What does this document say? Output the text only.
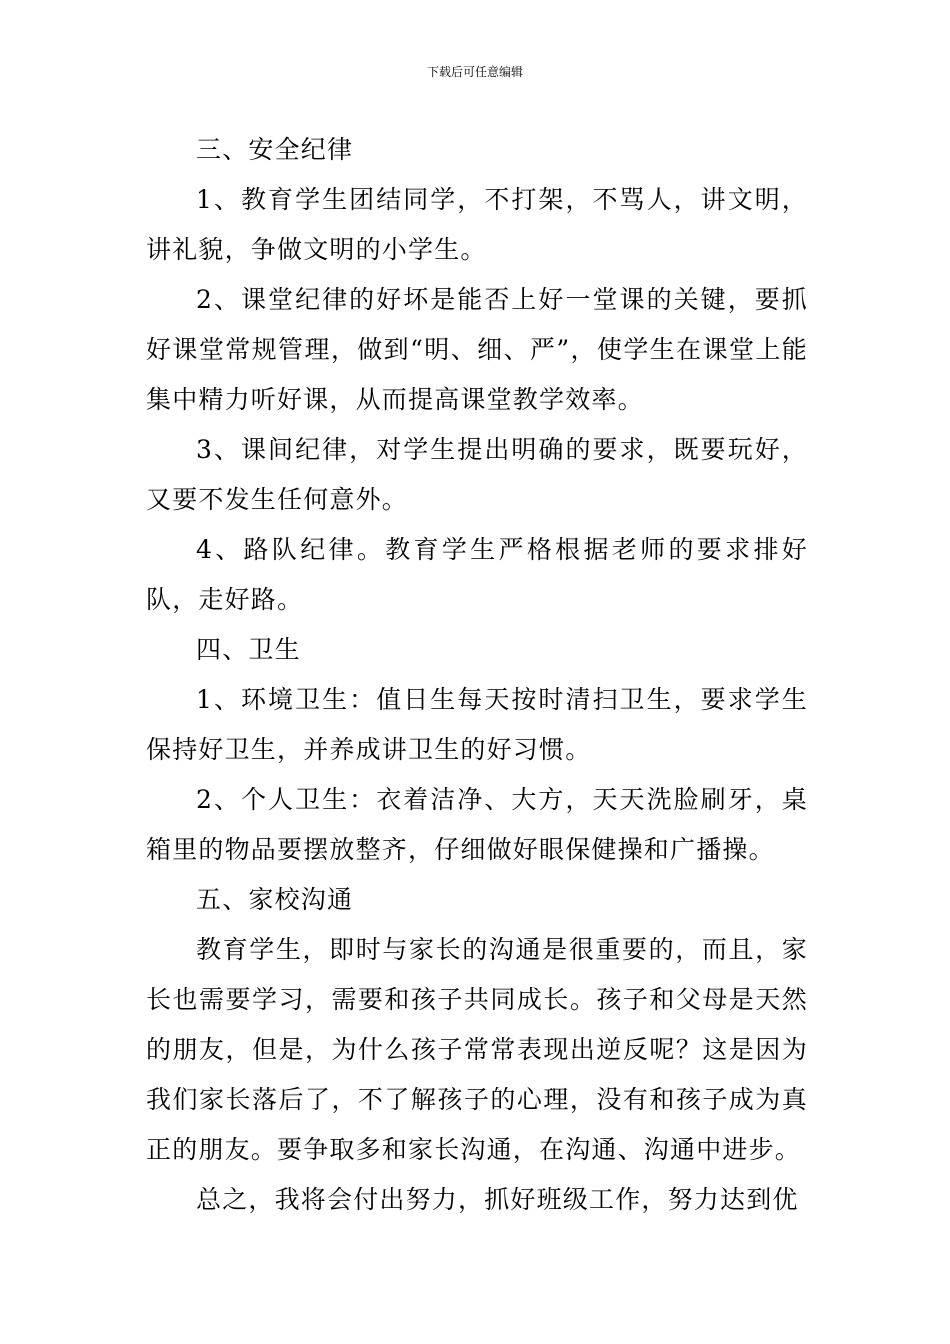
下载后可任意编辑

三、安全纪律

1、教育学生团结同学，不打架，不骂人，讲文明，讲礼貌，争做文明的小学生。

2、课堂纪律的好坏是能否上好一堂课的关键，要抓好课堂常规管理，做到“明、细、严”，使学生在课堂上能集中精力听好课，从而提高课堂教学效率。

3、课间纪律，对学生提出明确的要求，既要玩好，又要不发生任何意外。

4、路队纪律。教育学生严格根据老师的要求排好队，走好路。

四、卫生

1、环境卫生：值日生每天按时清扫卫生，要求学生保持好卫生，并养成讲卫生的好习惯。

2、个人卫生：衣着洁净、大方，天天洗脸刷牙，桌箱里的物品要摆放整齐，仔细做好眼保健操和广播操。

五、家校沟通

教育学生，即时与家长的沟通是很重要的，而且，家长也需要学习，需要和孩子共同成长。孩子和父母是天然的朋友，但是，为什么孩子常常表现出逆反呢？这是因为我们家长落后了，不了解孩子的心理，没有和孩子成为真正的朋友。要争取多和家长沟通，在沟通、沟通中进步。

总之，我将会付出努力，抓好班级工作，努力达到优
